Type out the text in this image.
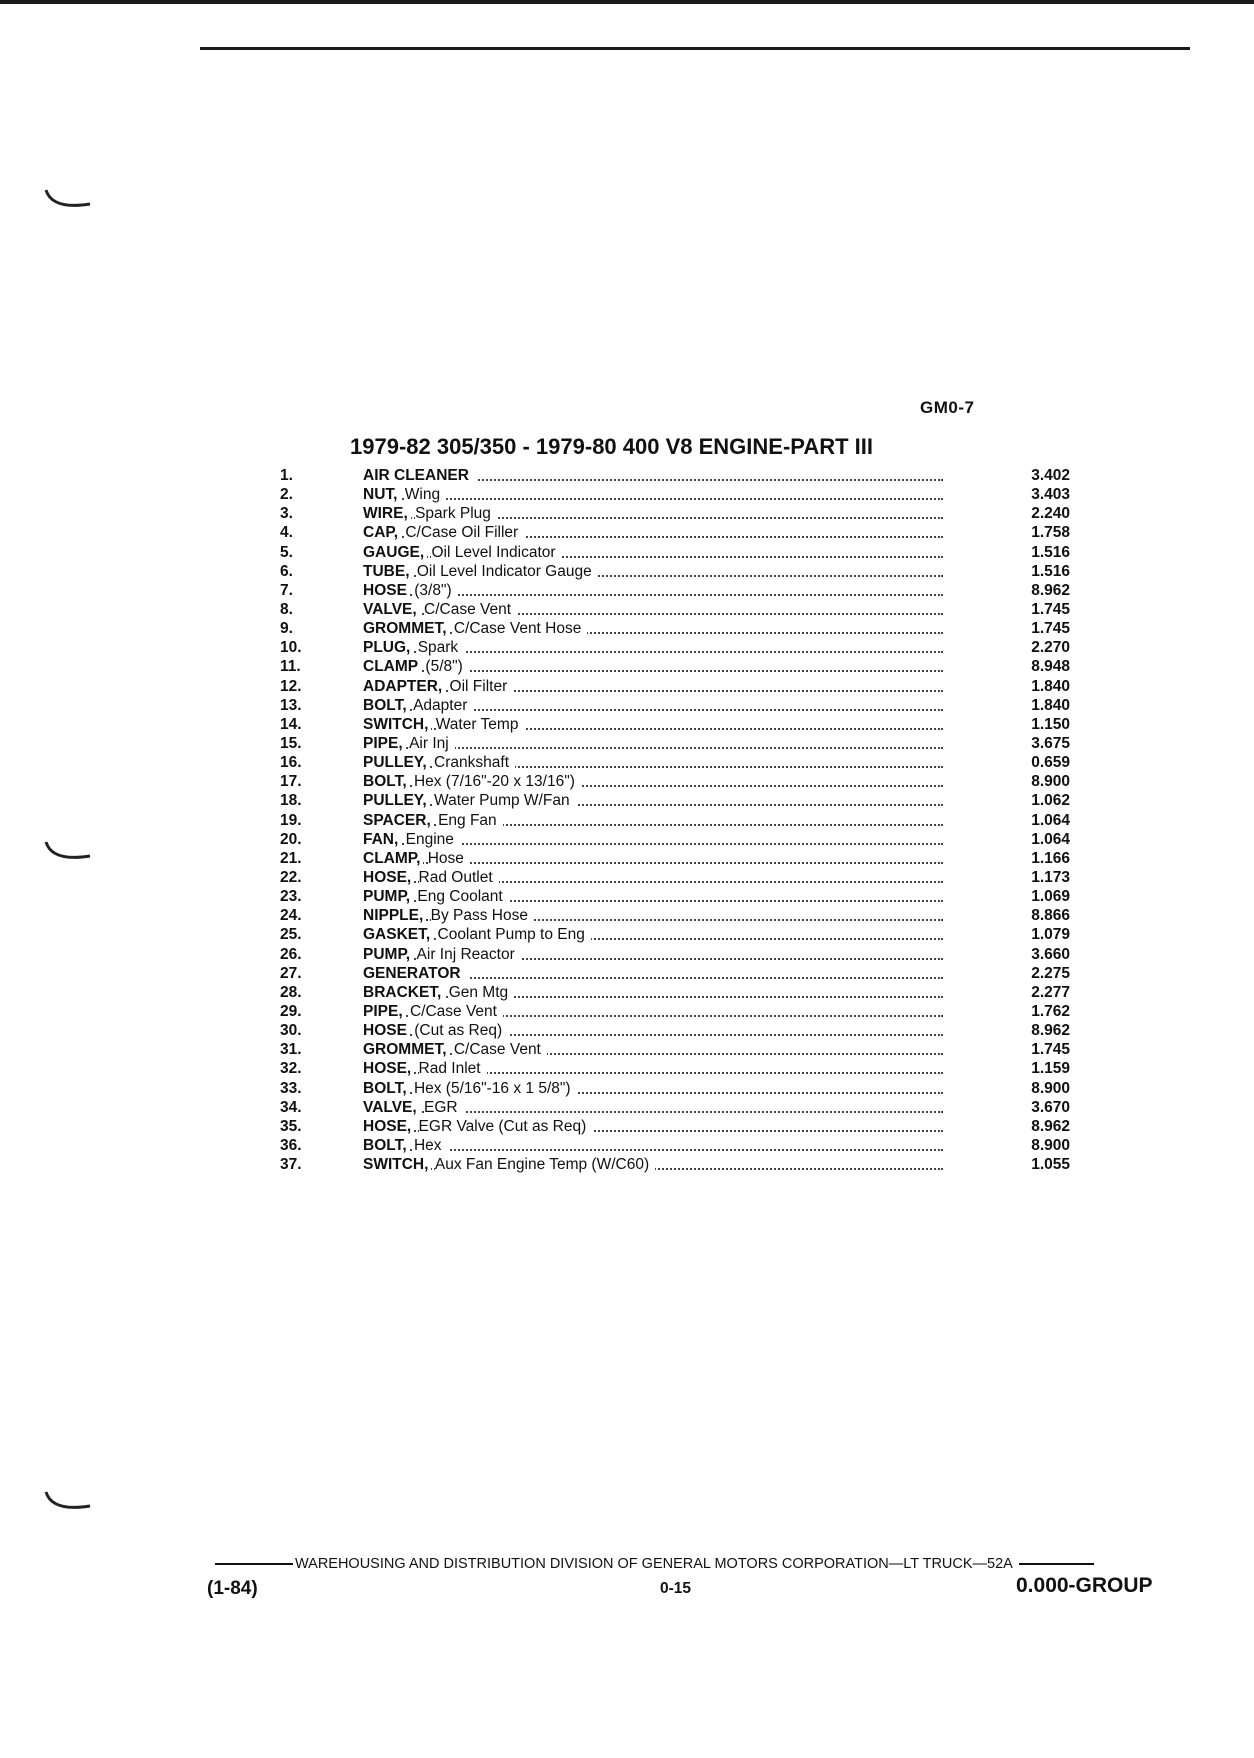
GM0-7
1979-82 305/350 - 1979-80 400 V8 ENGINE-PART III
1.	AIR CLEANER	3.402
2.	NUT, Wing	3.403
3.	WIRE, Spark Plug	2.240
4.	CAP, C/Case Oil Filler	1.758
5.	GAUGE, Oil Level Indicator	1.516
6.	TUBE, Oil Level Indicator Gauge	1.516
7.	HOSE (3/8")	8.962
8.	VALVE, C/Case Vent	1.745
9.	GROMMET, C/Case Vent Hose	1.745
10.	PLUG, Spark	2.270
11.	CLAMP (5/8")	8.948
12.	ADAPTER, Oil Filter	1.840
13.	BOLT, Adapter	1.840
14.	SWITCH, Water Temp	1.150
15.	PIPE, Air Inj	3.675
16.	PULLEY, Crankshaft	0.659
17.	BOLT, Hex (7/16"-20 x 13/16")	8.900
18.	PULLEY, Water Pump W/Fan	1.062
19.	SPACER, Eng Fan	1.064
20.	FAN, Engine	1.064
21.	CLAMP, Hose	1.166
22.	HOSE, Rad Outlet	1.173
23.	PUMP, Eng Coolant	1.069
24.	NIPPLE, By Pass Hose	8.866
25.	GASKET, Coolant Pump to Eng	1.079
26.	PUMP, Air Inj Reactor	3.660
27.	GENERATOR	2.275
28.	BRACKET, Gen Mtg	2.277
29.	PIPE, C/Case Vent	1.762
30.	HOSE (Cut as Req)	8.962
31.	GROMMET, C/Case Vent	1.745
32.	HOSE, Rad Inlet	1.159
33.	BOLT, Hex (5/16"-16 x 1 5/8")	8.900
34.	VALVE, EGR	3.670
35.	HOSE, EGR Valve (Cut as Req)	8.962
36.	BOLT, Hex	8.900
37.	SWITCH, Aux Fan Engine Temp (W/C60)	1.055
WAREHOUSING AND DISTRIBUTION DIVISION OF GENERAL MOTORS CORPORATION—LT TRUCK—52A
(1-84)	0-15	0.000-GROUP
